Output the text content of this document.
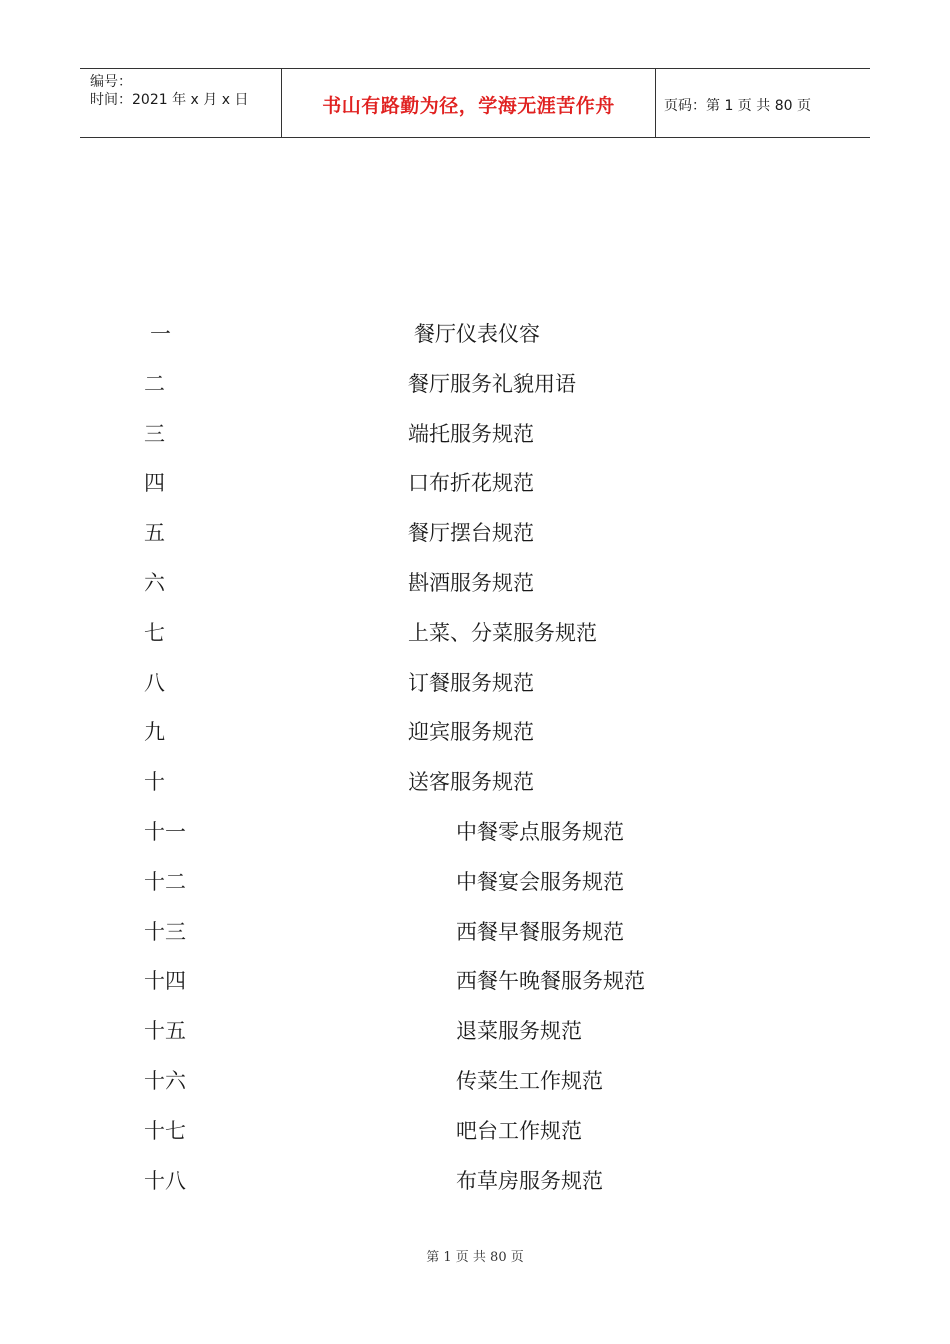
编号：
时间：2021 年 x 月 x 日	书山有路勤为径，学海无涯苦作舟	页码：第 1 页 共 80 页
一	餐厅仪表仪容
二	餐厅服务礼貌用语
三	端托服务规范
四	口布折花规范
五	餐厅摆台规范
六	斟酒服务规范
七	上菜、分菜服务规范
八	订餐服务规范
九	迎宾服务规范
十	送客服务规范
十一	中餐零点服务规范
十二	中餐宴会服务规范
十三	西餐早餐服务规范
十四	西餐午晚餐服务规范
十五	退菜服务规范
十六	传菜生工作规范
十七	吧台工作规范
十八	布草房服务规范
第 1 页 共 80 页
